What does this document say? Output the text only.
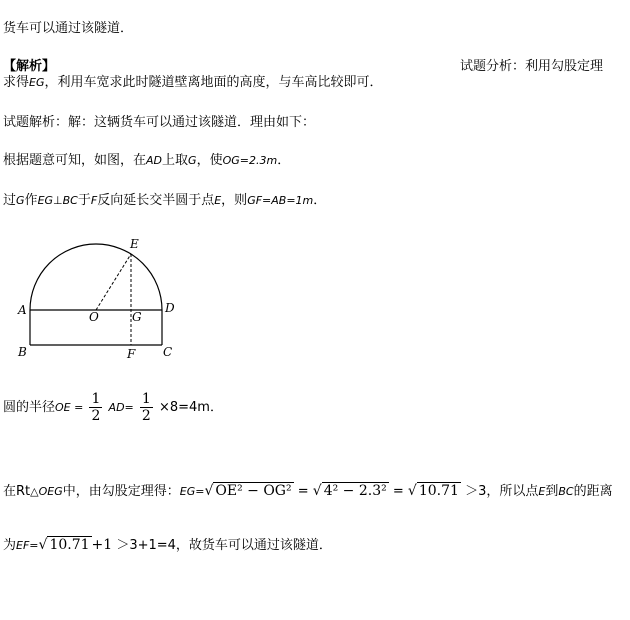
货车可以通过该隧道．
【解析】	试题分析：利用勾股定理
求得EG，利用车宽求此时隧道壁离地面的高度，与车高比较即可．
试题解析：解：这辆货车可以通过该隧道．理由如下：
根据题意可知，如图，在AD上取G，使OG=2.3m．
过G作EG⊥BC于F反向延长交半圆于点E，则GF=AB=1m．
A
B	C
D
E
F
G
O
圆的半径OE = $\frac{1}{2} AD= \frac{1}{2} \times 8=4m$．
在Rt△OEG中，由勾股定理得：EG=√ OE² − OG² = √ 4² − 2.3² = √ 10.71 ＞3，所以点E到BC的距离
为EF=√ 10.71 +1 ＞3+1=4，故货车可以通过该隧道．
